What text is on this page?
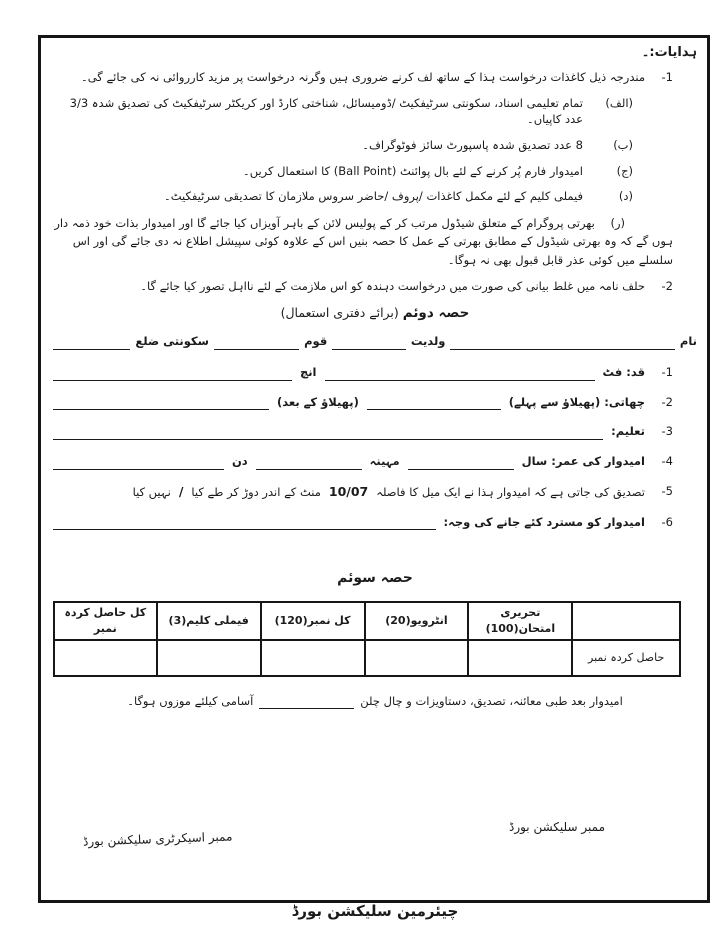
ہدایات:۔
1-
مندرجہ ذیل کاغذات درخواست ہذا کے ساتھ لف کرنے ضروری ہیں وگرنہ درخواست پر مزید کارروائی نہ کی جائے گی۔
(الف)
تمام تعلیمی اسناد، سکونتی سرٹیفکیٹ /ڈومیسائل، شناختی کارڈ اور کریکٹر سرٹیفکیٹ کی تصدیق شدہ 3/3 عدد کاپیاں۔
(ب)
8 عدد تصدیق شدہ پاسپورٹ سائز فوٹوگراف۔
(ج)
امیدوار فارم پُر کرنے کے لئے بال پوائنٹ (Ball Point) کا استعمال کریں۔
(د)
فیملی کلیم کے لئے مکمل کاغذات /پروف /حاضر سروس ملازمان کا تصدیقی سرٹیفکیٹ۔
(ر) بھرتی پروگرام کے متعلق شیڈول مرتب کر کے پولیس لائن کے باہر آویزاں کیا جائے گا اور امیدوار بذات خود ذمہ دار ہوں گے کہ وہ بھرتی شیڈول کے مطابق بھرتی کے عمل کا حصہ بنیں اس کے علاوہ کوئی سپیشل اطلاع نہ دی جائے گی اور اس سلسلے میں کوئی عذر قابل قبول بھی نہ ہوگا۔
2-
حلف نامہ میں غلط بیانی کی صورت میں درخواست دہندہ کو اس ملازمت کے لئے نااہل تصور کیا جائے گا۔
حصہ دوئم (برائے دفتری استعمال)
نام
ولدیت
قوم
سکونتی ضلع
1-
قد: فٹ
انچ
2-
چھاتی: (پھیلاؤ سے پہلے)
(پھیلاؤ کے بعد)
3-
تعلیم:
4-
امیدوار کی عمر: سال
مہینہ
دن
5-
تصدیق کی جاتی ہے کہ امیدوار ہذا نے ایک میل کا فاصلہ
10/07
منٹ کے اندر دوڑ کر طے کیا
/
نہیں کیا
6-
امیدوار کو مسترد کئے جانے کی وجہ:
حصہ سوئم
	تحریری امتحان(100)	انٹرویو(20)	کل نمبر(120)	فیملی کلیم(3)	کل حاصل کردہ نمبر
حاصل کردہ نمبر					
امیدوار بعد طبی معائنہ، تصدیق، دستاویزات و چال چلن
آسامی کیلئے موزوں ہوگا۔
ممبر سلیکشن بورڈ
ممبر اسیکرٹری سلیکشن بورڈ
چیئرمین سلیکشن بورڈ
